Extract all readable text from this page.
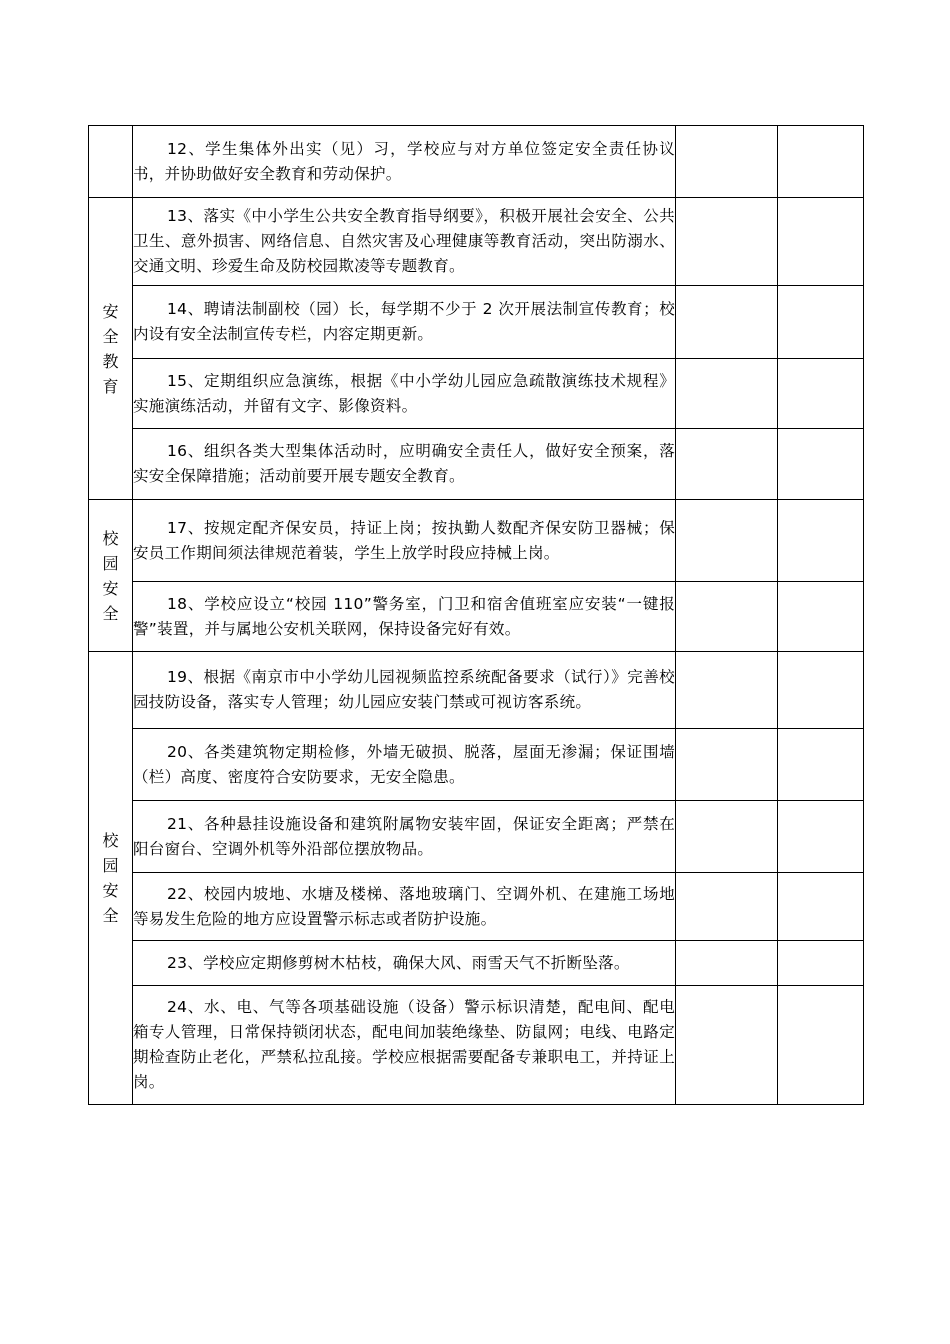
	12、学生集体外出实（见）习，学校应与对方单位签定安全责任协议书，并协助做好安全教育和劳动保护。		

安全教育	13、落实《中小学生公共安全教育指导纲要》，积极开展社会安全、公共卫生、意外损害、网络信息、自然灾害及心理健康等教育活动，突出防溺水、交通文明、珍爱生命及防校园欺凌等专题教育。		

	14、聘请法制副校（园）长，每学期不少于 2 次开展法制宣传教育；校内设有安全法制宣传专栏，内容定期更新。		

	15、定期组织应急演练，根据《中小学幼儿园应急疏散演练技术规程》实施演练活动，并留有文字、影像资料。		

	16、组织各类大型集体活动时，应明确安全责任人，做好安全预案，落实安全保障措施；活动前要开展专题安全教育。		

校园安全	17、按规定配齐保安员，持证上岗；按执勤人数配齐保安防卫器械；保安员工作期间须法律规范着装，学生上放学时段应持械上岗。		

	18、学校应设立“校园 110”警务室，门卫和宿舍值班室应安装“一键报警”装置，并与属地公安机关联网，保持设备完好有效。		

校园安全	19、根据《南京市中小学幼儿园视频监控系统配备要求（试行）》完善校园技防设备，落实专人管理；幼儿园应安装门禁或可视访客系统。		

	20、各类建筑物定期检修，外墙无破损、脱落，屋面无渗漏；保证围墙（栏）高度、密度符合安防要求，无安全隐患。		

	21、各种悬挂设施设备和建筑附属物安装牢固，保证安全距离；严禁在阳台窗台、空调外机等外沿部位摆放物品。		

	22、校园内坡地、水塘及楼梯、落地玻璃门、空调外机、在建施工场地等易发生危险的地方应设置警示标志或者防护设施。		

	23、学校应定期修剪树木枯枝，确保大风、雨雪天气不折断坠落。		

	24、水、电、气等各项基础设施（设备）警示标识清楚，配电间、配电箱专人管理，日常保持锁闭状态，配电间加装绝缘垫、防鼠网；电线、电路定期检查防止老化，严禁私拉乱接。学校应根据需要配备专兼职电工，并持证上岗。		
